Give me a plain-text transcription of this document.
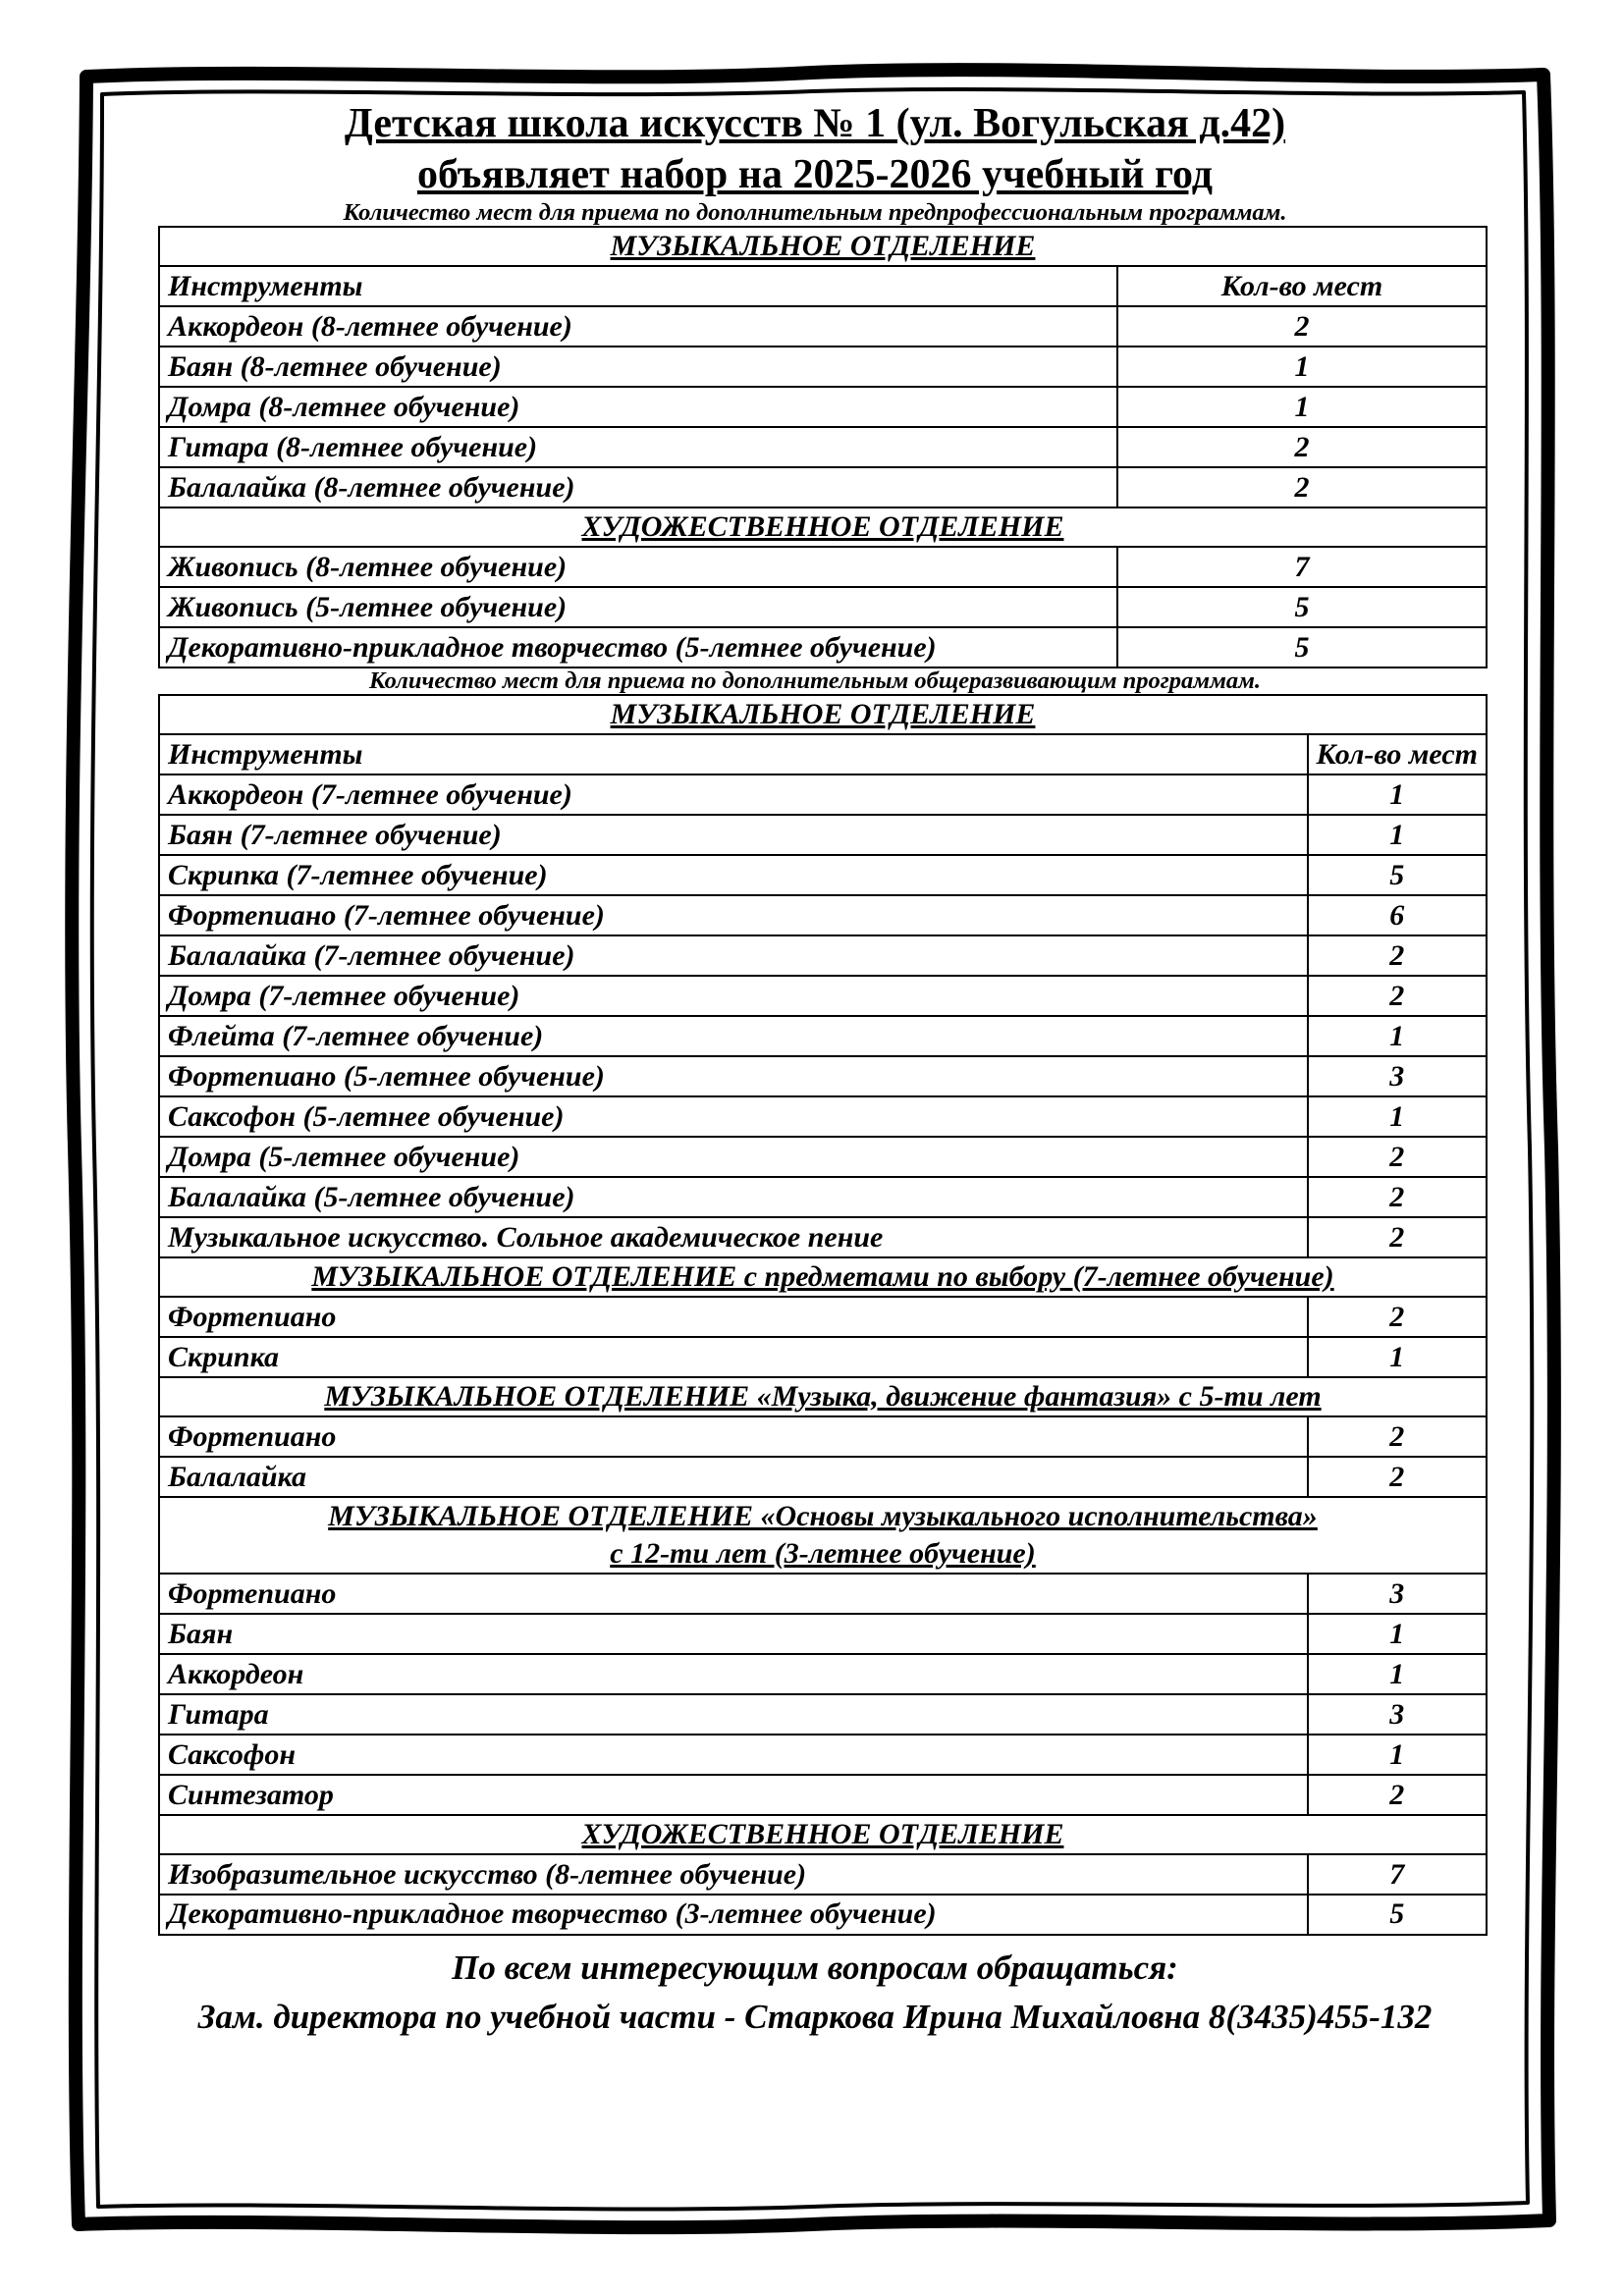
Детская школа искусств № 1 (ул. Вогульская д.42)
объявляет набор на 2025-2026 учебный год
Количество мест для приема по дополнительным предпрофессиональным программам.
МУЗЫКАЛЬНОЕ ОТДЕЛЕНИЕ	
Инструменты	Кол-во мест
Аккордеон (8-летнее обучение)	2
Баян (8-летнее обучение)	1
Домра (8-летнее обучение)	1
Гитара (8-летнее обучение)	2
Балалайка (8-летнее обучение)	2
ХУДОЖЕСТВЕННОЕ ОТДЕЛЕНИЕ	
Живопись (8-летнее обучение)	7
Живопись (5-летнее обучение)	5
Декоративно-прикладное творчество (5-летнее обучение)	5
Количество мест для приема по дополнительным общеразвивающим программам.
МУЗЫКАЛЬНОЕ ОТДЕЛЕНИЕ	
Инструменты	Кол-во мест
Аккордеон (7-летнее обучение)	1
Баян (7-летнее обучение)	1
Скрипка (7-летнее обучение)	5
Фортепиано (7-летнее обучение)	6
Балалайка (7-летнее обучение)	2
Домра (7-летнее обучение)	2
Флейта (7-летнее обучение)	1
Фортепиано (5-летнее обучение)	3
Саксофон (5-летнее обучение)	1
Домра (5-летнее обучение)	2
Балалайка (5-летнее обучение)	2
Музыкальное искусство. Сольное академическое пение	2
МУЗЫКАЛЬНОЕ ОТДЕЛЕНИЕ с предметами по выбору (7-летнее обучение)	
Фортепиано	2
Скрипка	1
МУЗЫКАЛЬНОЕ ОТДЕЛЕНИЕ «Музыка, движение фантазия» с 5-ти лет	
Фортепиано	2
Балалайка	2

МУЗЫКАЛЬНОЕ ОТДЕЛЕНИЕ «Основы музыкального исполнительства»
с 12-ти лет (3-летнее обучение)	

Фортепиано	3
Баян	1
Аккордеон	1
Гитара	3
Саксофон	1
Синтезатор	2
ХУДОЖЕСТВЕННОЕ ОТДЕЛЕНИЕ	
Изобразительное искусство (8-летнее обучение)	7
Декоративно-прикладное творчество (3-летнее обучение)	5
По всем интересующим вопросам обращаться:
Зам. директора по учебной части - Старкова Ирина Михайловна 8(3435)455-132
